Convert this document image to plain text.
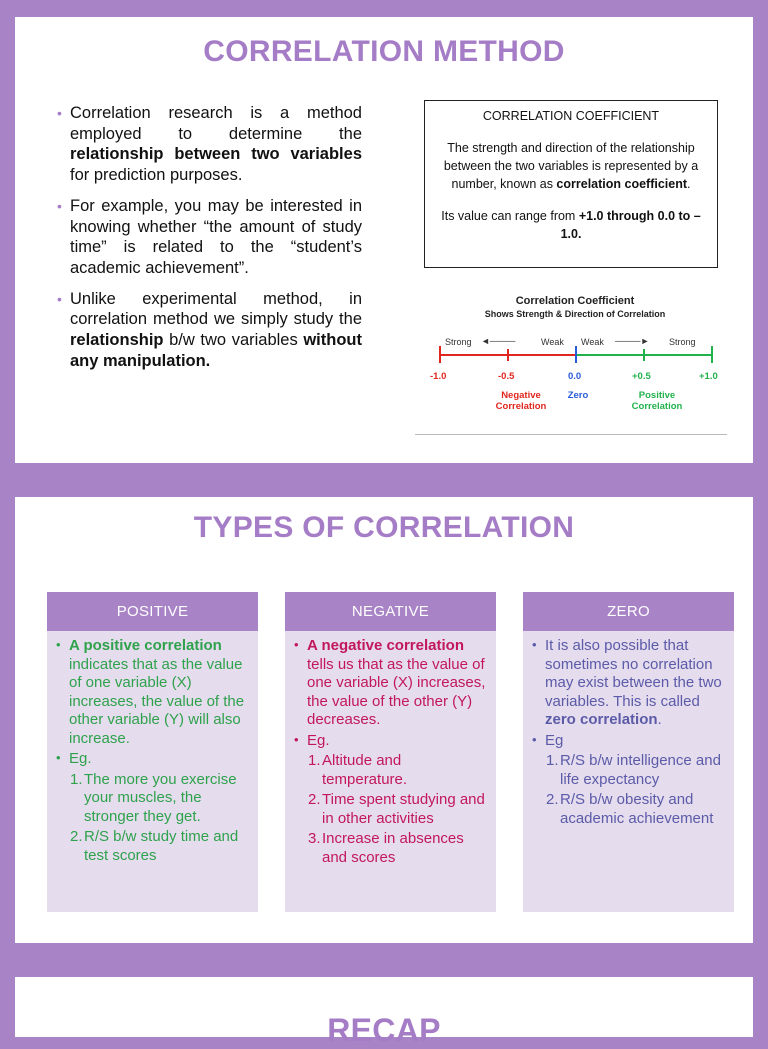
CORRELATION METHOD
• Correlation research is a method employed to determine the relationship between two variables for prediction purposes.
• For example, you may be interested in knowing whether “the amount of study time” is related to the “student’s academic achievement”.
• Unlike experimental method, in correlation method we simply study the relationship b/w two variables without any manipulation.
CORRELATION COEFFICIENT

The strength and direction of the relationship between the two variables is represented by a number, known as correlation coefficient.

Its value can range from +1.0 through 0.0 to –1.0.

Correlation Coefficient
Shows Strength & Direction of Correlation
Strong ◄────	Weak Weak ────► Strong
-1.0	-0.5	0.0	+0.5	+1.0
Negative Correlation
Zero	Positive Correlation
TYPES OF CORRELATION
POSITIVE
• A positive correlation indicates that as the value of one variable (X) increases, the value of the other variable (Y) will also increase.
• Eg.
1. The more you exercise your muscles, the stronger they get.
2. R/S b/w study time and test scores
NEGATIVE
• A negative correlation tells us that as the value of one variable (X) increases, the value of the other (Y) decreases.
• Eg.
1. Altitude and temperature.
2. Time spent studying and in other activities
3. Increase in absences and scores
ZERO
• It is also possible that sometimes no correlation may exist between the two variables. This is called zero correlation.
• Eg
1. R/S b/w intelligence and life expectancy
2. R/S b/w obesity and academic achievement
RECAP
